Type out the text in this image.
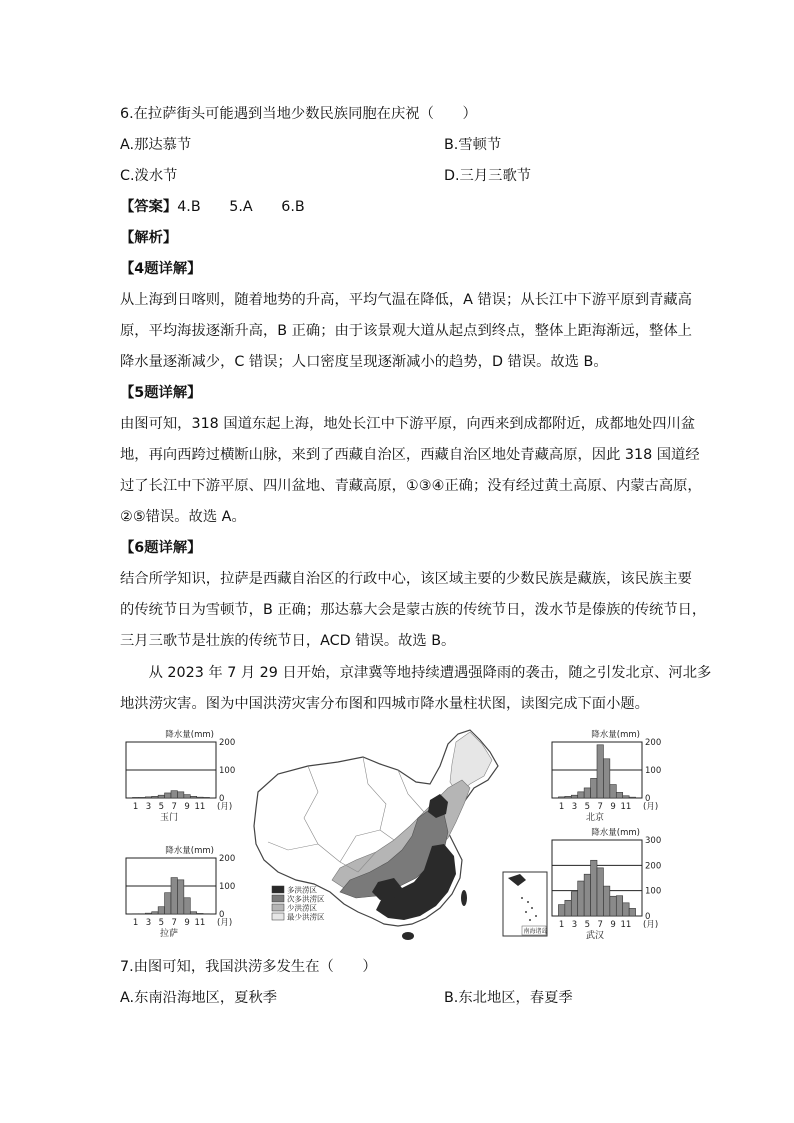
6.在拉萨街头可能遇到当地少数民族同胞在庆祝（　　）
A.那达慕节	B.雪顿节
C.泼水节	D.三月三歌节
【答案】4.B　　5.A　　6.B
【解析】
【4题详解】
从上海到日喀则，随着地势的升高，平均气温在降低，A 错误；从长江中下游平原到青藏高
原，平均海拔逐渐升高，B 正确；由于该景观大道从起点到终点，整体上距海渐远，整体上
降水量逐渐减少，C 错误；人口密度呈现逐渐减小的趋势，D 错误。故选 B。
【5题详解】
由图可知，318 国道东起上海，地处长江中下游平原，向西来到成都附近，成都地处四川盆
地，再向西跨过横断山脉，来到了西藏自治区，西藏自治区地处青藏高原，因此 318 国道经
过了长江中下游平原、四川盆地、青藏高原，①③④正确；没有经过黄土高原、内蒙古高原，
②⑤错误。故选 A。
【6题详解】
结合所学知识，拉萨是西藏自治区的行政中心，该区域主要的少数民族是藏族，该民族主要
的传统节日为雪顿节，B 正确；那达慕大会是蒙古族的传统节日，泼水节是傣族的传统节日，
三月三歌节是壮族的传统节日，ACD 错误。故选 B。
　　从 2023 年 7 月 29 日开始，京津冀等地持续遭遇强降雨的袭击，随之引发北京、河北多
地洪涝灾害。图为中国洪涝灾害分布图和四城市降水量柱状图，读图完成下面小题。
多洪涝区
次多洪涝区
少洪涝区
最少洪涝区
南海诸岛
降水量(mm)
0
100
200
1 3 5 7 9 11 (月)
玉门
降水量(mm)
0
100
200
1 3 5 7 9 11 (月)
北京
降水量(mm)
0
100
200
1 3 5 7 9 11 (月)
拉萨
降水量(mm)
0
100
200
300
1 3 5 7 9 11 (月)
武汉
7.由图可知，我国洪涝多发生在（　　）
A.东南沿海地区，夏秋季	B.东北地区，春夏季
